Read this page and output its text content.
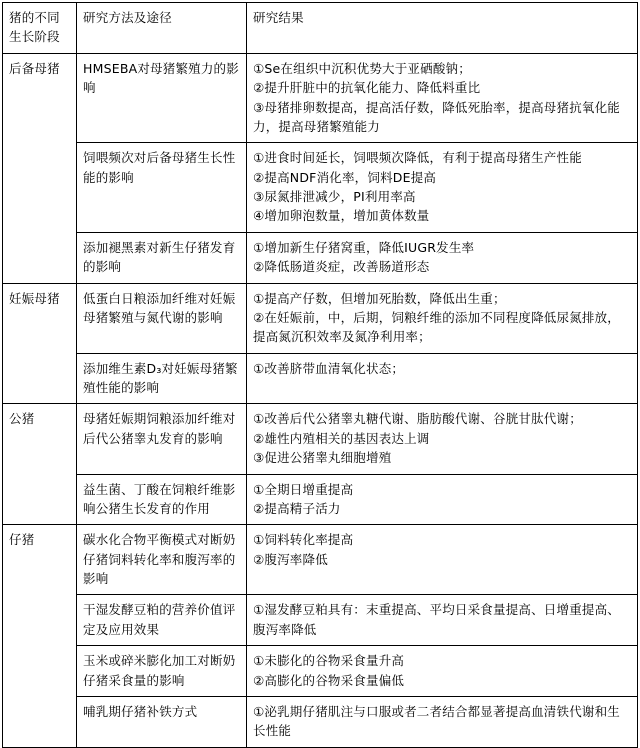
猪的不同生长阶段	研究方法及途径	研究结果
后备母猪	HMSEBA对母猪繁殖力的影响	①Se在组织中沉积优势大于亚硒酸钠；
②提升肝脏中的抗氧化能力、降低料重比
③母猪排卵数提高，提高活仔数，降低死胎率，提高母猪抗氧化能力，提高母猪繁殖能力

	饲喂频次对后备母猪生长性能的影响	①进食时间延长，饲喂频次降低，有利于提高母猪生产性能
②提高NDF消化率，饲料DE提高
③尿氮排泄减少，PI利用率高
④增加卵泡数量，增加黄体数量

	添加褪黑素对新生仔猪发育的影响	①增加新生仔猪窝重，降低IUGR发生率
②降低肠道炎症，改善肠道形态

妊娠母猪	低蛋白日粮添加纤维对妊娠母猪繁殖与氮代谢的影响	①提高产仔数，但增加死胎数，降低出生重；
②在妊娠前，中，后期，饲粮纤维的添加不同程度降低尿氮排放，提高氮沉积效率及氮净利用率；

	添加维生素D₃对妊娠母猪繁殖性能的影响	①改善脐带血清氧化状态；

公猪	母猪妊娠期饲粮添加纤维对后代公猪睾丸发育的影响	①改善后代公猪睾丸糖代谢、脂肪酸代谢、谷胱甘肽代谢；
②雄性内殖相关的基因表达上调
③促进公猪睾丸细胞增殖

	益生菌、丁酸在饲粮纤维影响公猪生长发育的作用	①全期日增重提高
②提高精子活力

仔猪	碳水化合物平衡模式对断奶仔猪饲料转化率和腹泻率的影响	①饲料转化率提高
②腹泻率降低

	干湿发酵豆粕的营养价值评定及应用效果	①湿发酵豆粕具有：末重提高、平均日采食量提高、日增重提高、腹泻率降低

	玉米或碎米膨化加工对断奶仔猪采食量的影响	①未膨化的谷物采食量升高
②高膨化的谷物采食量偏低

	哺乳期仔猪补铁方式	①泌乳期仔猪肌注与口服或者二者结合都显著提高血清铁代谢和生长性能
